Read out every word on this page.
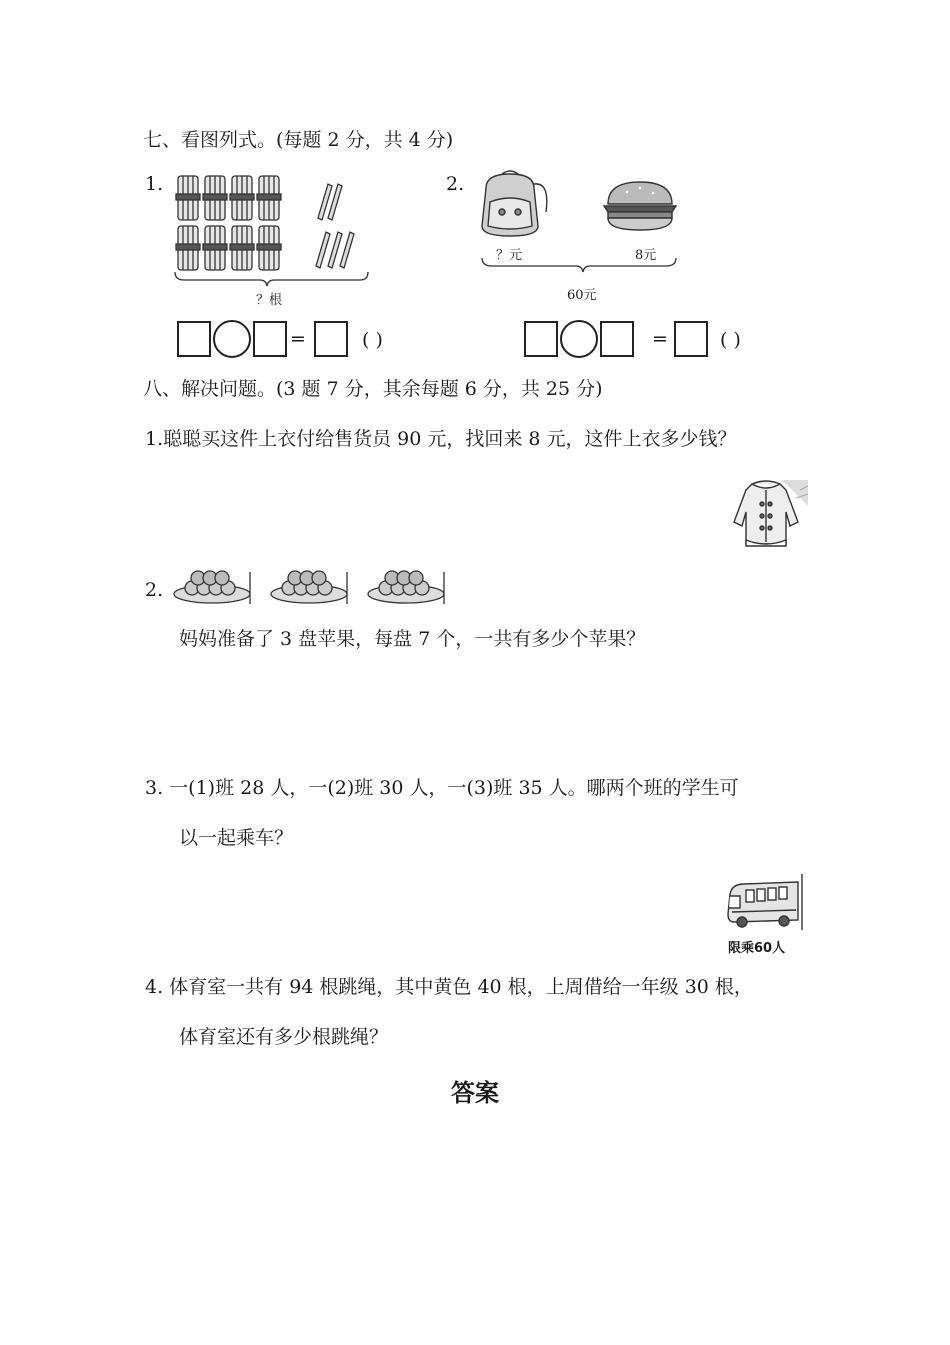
七、看图列式。(每题 2 分，共 4 分)
1.
？根
=	( )
2.
？元	8元
60元
=	( )
八、解决问题。(3 题 7 分，其余每题 6 分，共 25 分)
1.聪聪买这件上衣付给售货员 90 元，找回来 8 元，这件上衣多少钱？
2.
妈妈准备了 3 盘苹果，每盘 7 个，一共有多少个苹果？
3. 一(1)班 28 人，一(2)班 30 人，一(3)班 35 人。哪两个班的学生可
以一起乘车？
限乘60人
4. 体育室一共有 94 根跳绳，其中黄色 40 根，上周借给一年级 30 根，
体育室还有多少根跳绳？
答案
